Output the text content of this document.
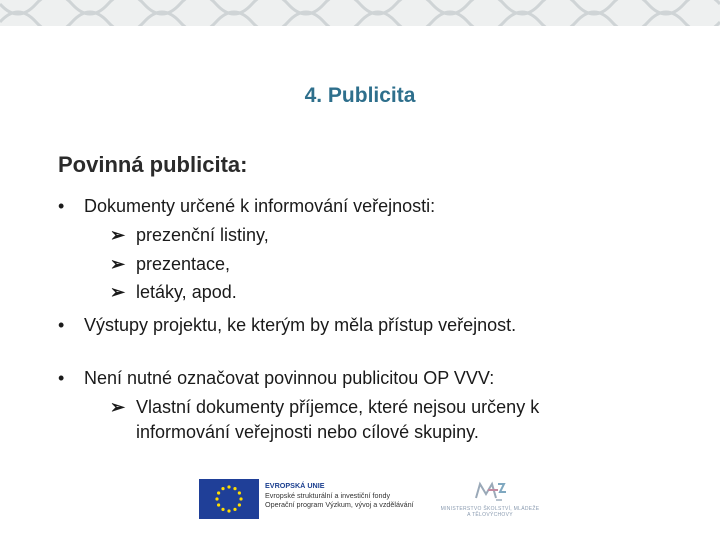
4. Publicita
Povinná publicita:
• Dokumenty určené k informování veřejnosti:
➢ prezenční listiny,
➢ prezentace,
➢ letáky, apod.
• Výstupy projektu, ke kterým by měla přístup veřejnost.
• Není nutné označovat povinnou publicitou OP VVV:
➢ Vlastní dokumenty příjemce, které nejsou určeny k
informování veřejnosti nebo cílové skupiny.
EVROPSKÁ UNIE
Evropské strukturální a investiční fondy
Operační program Výzkum, vývoj a vzdělávání	MINISTERSTVO ŠKOLSTVÍ, MLÁDEŽE A TĚLOVÝCHOVY
